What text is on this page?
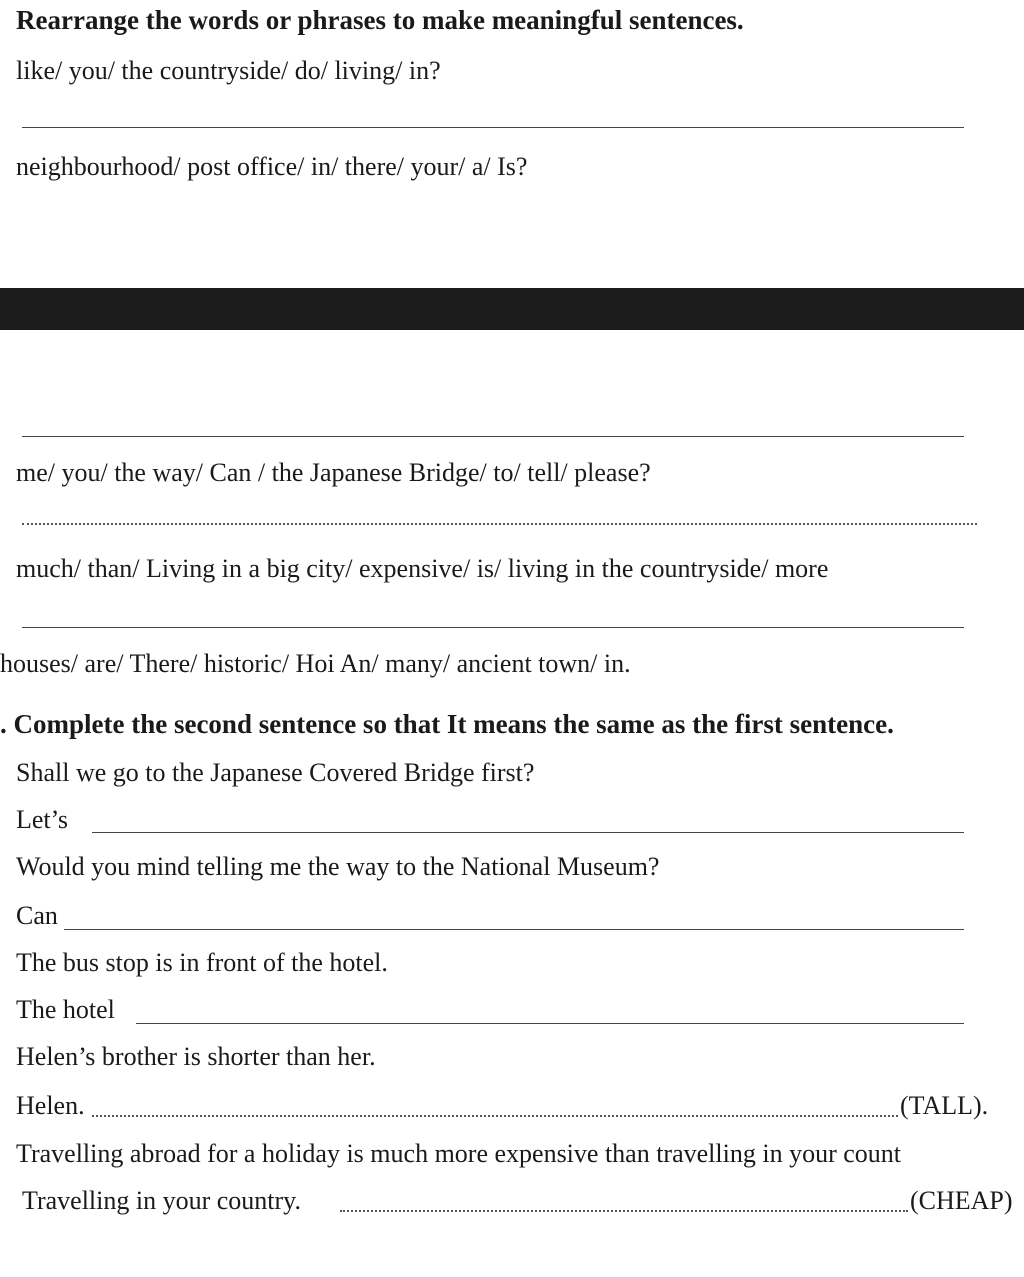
Rearrange the words or phrases to make meaningful sentences.
like/ you/ the countryside/ do/ living/ in?
neighbourhood/ post office/ in/ there/ your/ a/ Is?
me/ you/ the way/ Can / the Japanese Bridge/ to/ tell/ please?
much/ than/ Living in a big city/ expensive/ is/ living in the countryside/ more
houses/ are/ There/ historic/ Hoi An/ many/ ancient town/ in.
. Complete the second sentence so that It means the same as the first sentence.
Shall we go to the Japanese Covered Bridge first?
Let’s
Would you mind telling me the way to the National Museum?
Can
The bus stop is in front of the hotel.
The hotel
Helen’s brother is shorter than her.
Helen.	(TALL).
Travelling abroad for a holiday is much more expensive than travelling in your count
Travelling in your country.	(CHEAP)
